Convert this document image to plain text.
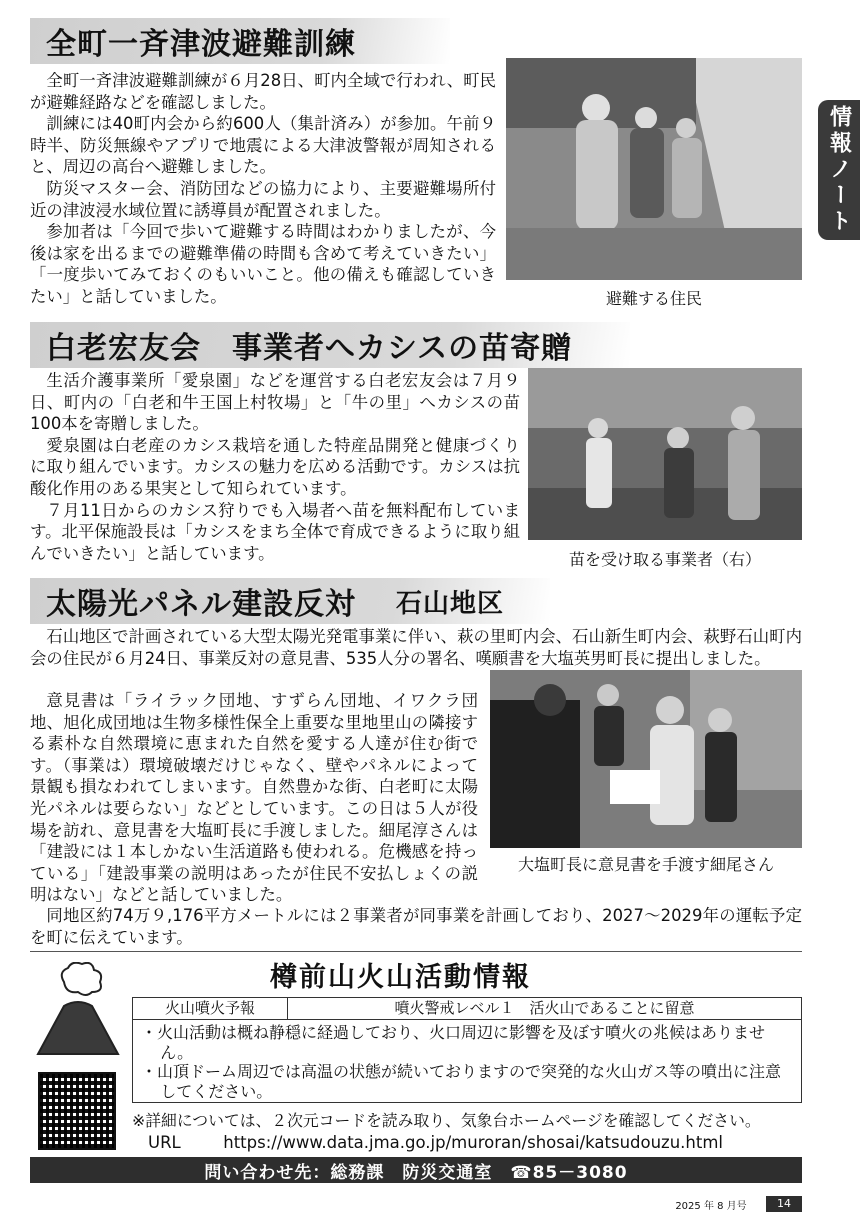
情報ノート
全町一斉津波避難訓練

全町一斉津波避難訓練が６月28日、町内全域で行われ、町民が避難経路などを確認しました。

訓練には40町内会から約600人（集計済み）が参加。午前９時半、防災無線やアプリで地震による大津波警報が周知されると、周辺の高台へ避難しました。

防災マスター会、消防団などの協力により、主要避難場所付近の津波浸水域位置に誘導員が配置されました。

参加者は「今回で歩いて避難する時間はわかりましたが、今後は家を出るまでの避難準備の時間も含めて考えていきたい」「一度歩いてみておくのもいいこと。他の備えも確認していきたい」と話していました。	避難する住民
白老宏友会　事業者へカシスの苗寄贈

生活介護事業所「愛泉園」などを運営する白老宏友会は７月９日、町内の「白老和牛王国上村牧場」と「牛の里」へカシスの苗100本を寄贈しました。

愛泉園は白老産のカシス栽培を通した特産品開発と健康づくりに取り組んでいます。カシスの魅力を広める活動です。カシスは抗酸化作用のある果実として知られています。

７月11日からのカシス狩りでも入場者へ苗を無料配布しています。北平保施設長は「カシスをまち全体で育成できるように取り組んでいきたい」と話しています。	苗を受け取る事業者（右）
太陽光パネル建設反対 石山地区

石山地区で計画されている大型太陽光発電事業に伴い、萩の里町内会、石山新生町内会、萩野石山町内会の住民が６月24日、事業反対の意見書、535人分の署名、嘆願書を大塩英男町長に提出しました。

大塩町長に意見書を手渡す細尾さん

意見書は「ライラック団地、すずらん団地、イワクラ団地、旭化成団地は生物多様性保全上重要な里地里山の隣接する素朴な自然環境に恵まれた自然を愛する人達が住む街です。（事業は）環境破壊だけじゃなく、壁やパネルによって景観も損なわれてしまいます。自然豊かな街、白老町に太陽光パネルは要らない」などとしています。この日は５人が役場を訪れ、意見書を大塩町長に手渡しました。細尾淳さんは「建設には１本しかない生活道路も使われる。危機感を持っている」「建設事業の説明はあったが住民不安払しょくの説明はない」などと話していました。

同地区約74万９,176平方メートルには２事業者が同事業を計画しており、2027～2029年の運転予定を町に伝えています。

樽前山火山活動情報
火山噴火予報	噴火警戒レベル１　活火山であることに留意
・火山活動は概ね静穏に経過しており、火口周辺に影響を及ぼす噴火の兆候はありません。
・山頂ドーム周辺では高温の状態が続いておりますので突発的な火山ガス等の噴出に注意してください。
※詳細については、２次元コードを読み取り、気象台ホームページを確認してください。
URL	https://www.data.jma.go.jp/muroran/shosai/katsudouzu.html
問い合わせ先：総務課　防災交通室　☎85－3080
2025 年 8 月号	14
